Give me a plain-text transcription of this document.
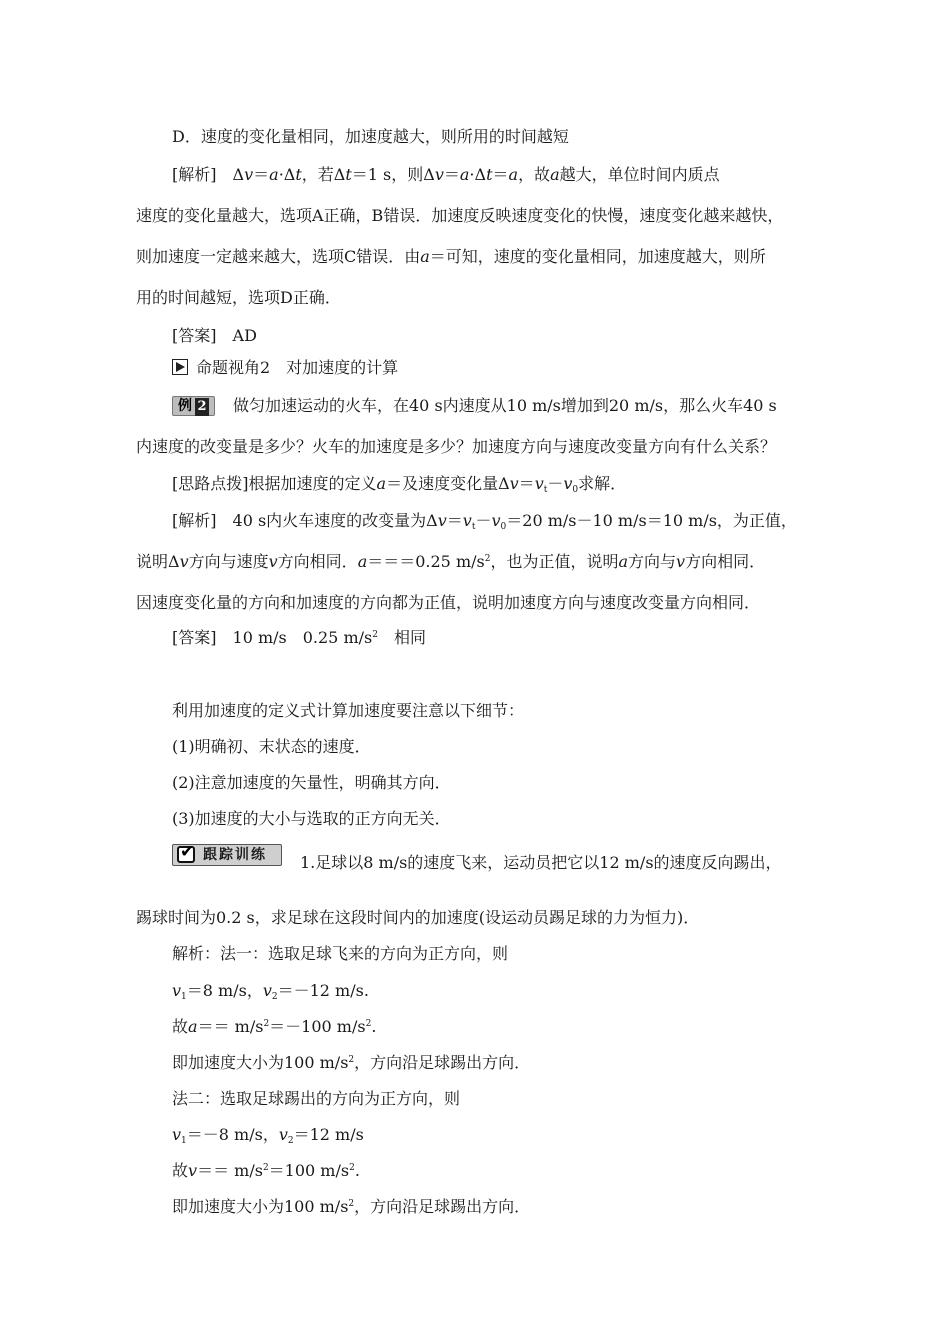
D．速度的变化量相同，加速度越大，则所用的时间越短
[解析]　 Δv＝a·Δt，若Δt＝1 s，则Δv＝a·Δt＝a，故a越大，单位时间内质点
速度的变化量越大，选项A正确，B错误．加速度反映速度变化的快慢，速度变化越来越快，
则加速度一定越来越大，选项C错误．由a＝可知，速度的变化量相同，加速度越大，则所
用的时间越短，选项D正确．
[答案]　 AD
命题视角2　对加速度的计算
例 2 做匀加速运动的火车，在40 s内速度从10 m/s增加到20 m/s，那么火车40 s
内速度的改变量是多少？火车的加速度是多少？加速度方向与速度改变量方向有什么关系？
[思路点拨]根据加速度的定义a＝及速度变化量$\Delta v=v_t-v_0$求解．
[解析]　 40 s内火车速度的改变量为$\Delta v=v_t-v_0=20$ m/s－10 m/s＝10 m/s，为正值，
说明Δv方向与速度v方向相同．a＝＝＝0.25 $m/s^2$，也为正值，说明a方向与v方向相同．
因速度变化量的方向和加速度的方向都为正值，说明加速度方向与速度改变量方向相同．
[答案]　 10 m/s　0.25 $m/s^2$　相同
利用加速度的定义式计算加速度要注意以下细节：
(1)明确初、末状态的速度．
(2)注意加速度的矢量性，明确其方向．
(3)加速度的大小与选取的正方向无关．
✔
跟踪训练 1.足球以8 m/s的速度飞来，运动员把它以12 m/s的速度反向踢出，
踢球时间为0.2 s，求足球在这段时间内的加速度(设运动员踢足球的力为恒力)．
解析：法一：选取足球飞来的方向为正方向，则
$v_1=8$ m/s，$v_2=-12$ m/s.
故$a== m/s^2=-100$ $m/s^2$.
即加速度大小为100 $m/s^2$，方向沿足球踢出方向．
法二：选取足球踢出的方向为正方向，则
$v_1=-8$ m/s，$v_2=12$ m/s
故$v== m/s^2=100$ $m/s^2$.
即加速度大小为100 $m/s^2$，方向沿足球踢出方向．
